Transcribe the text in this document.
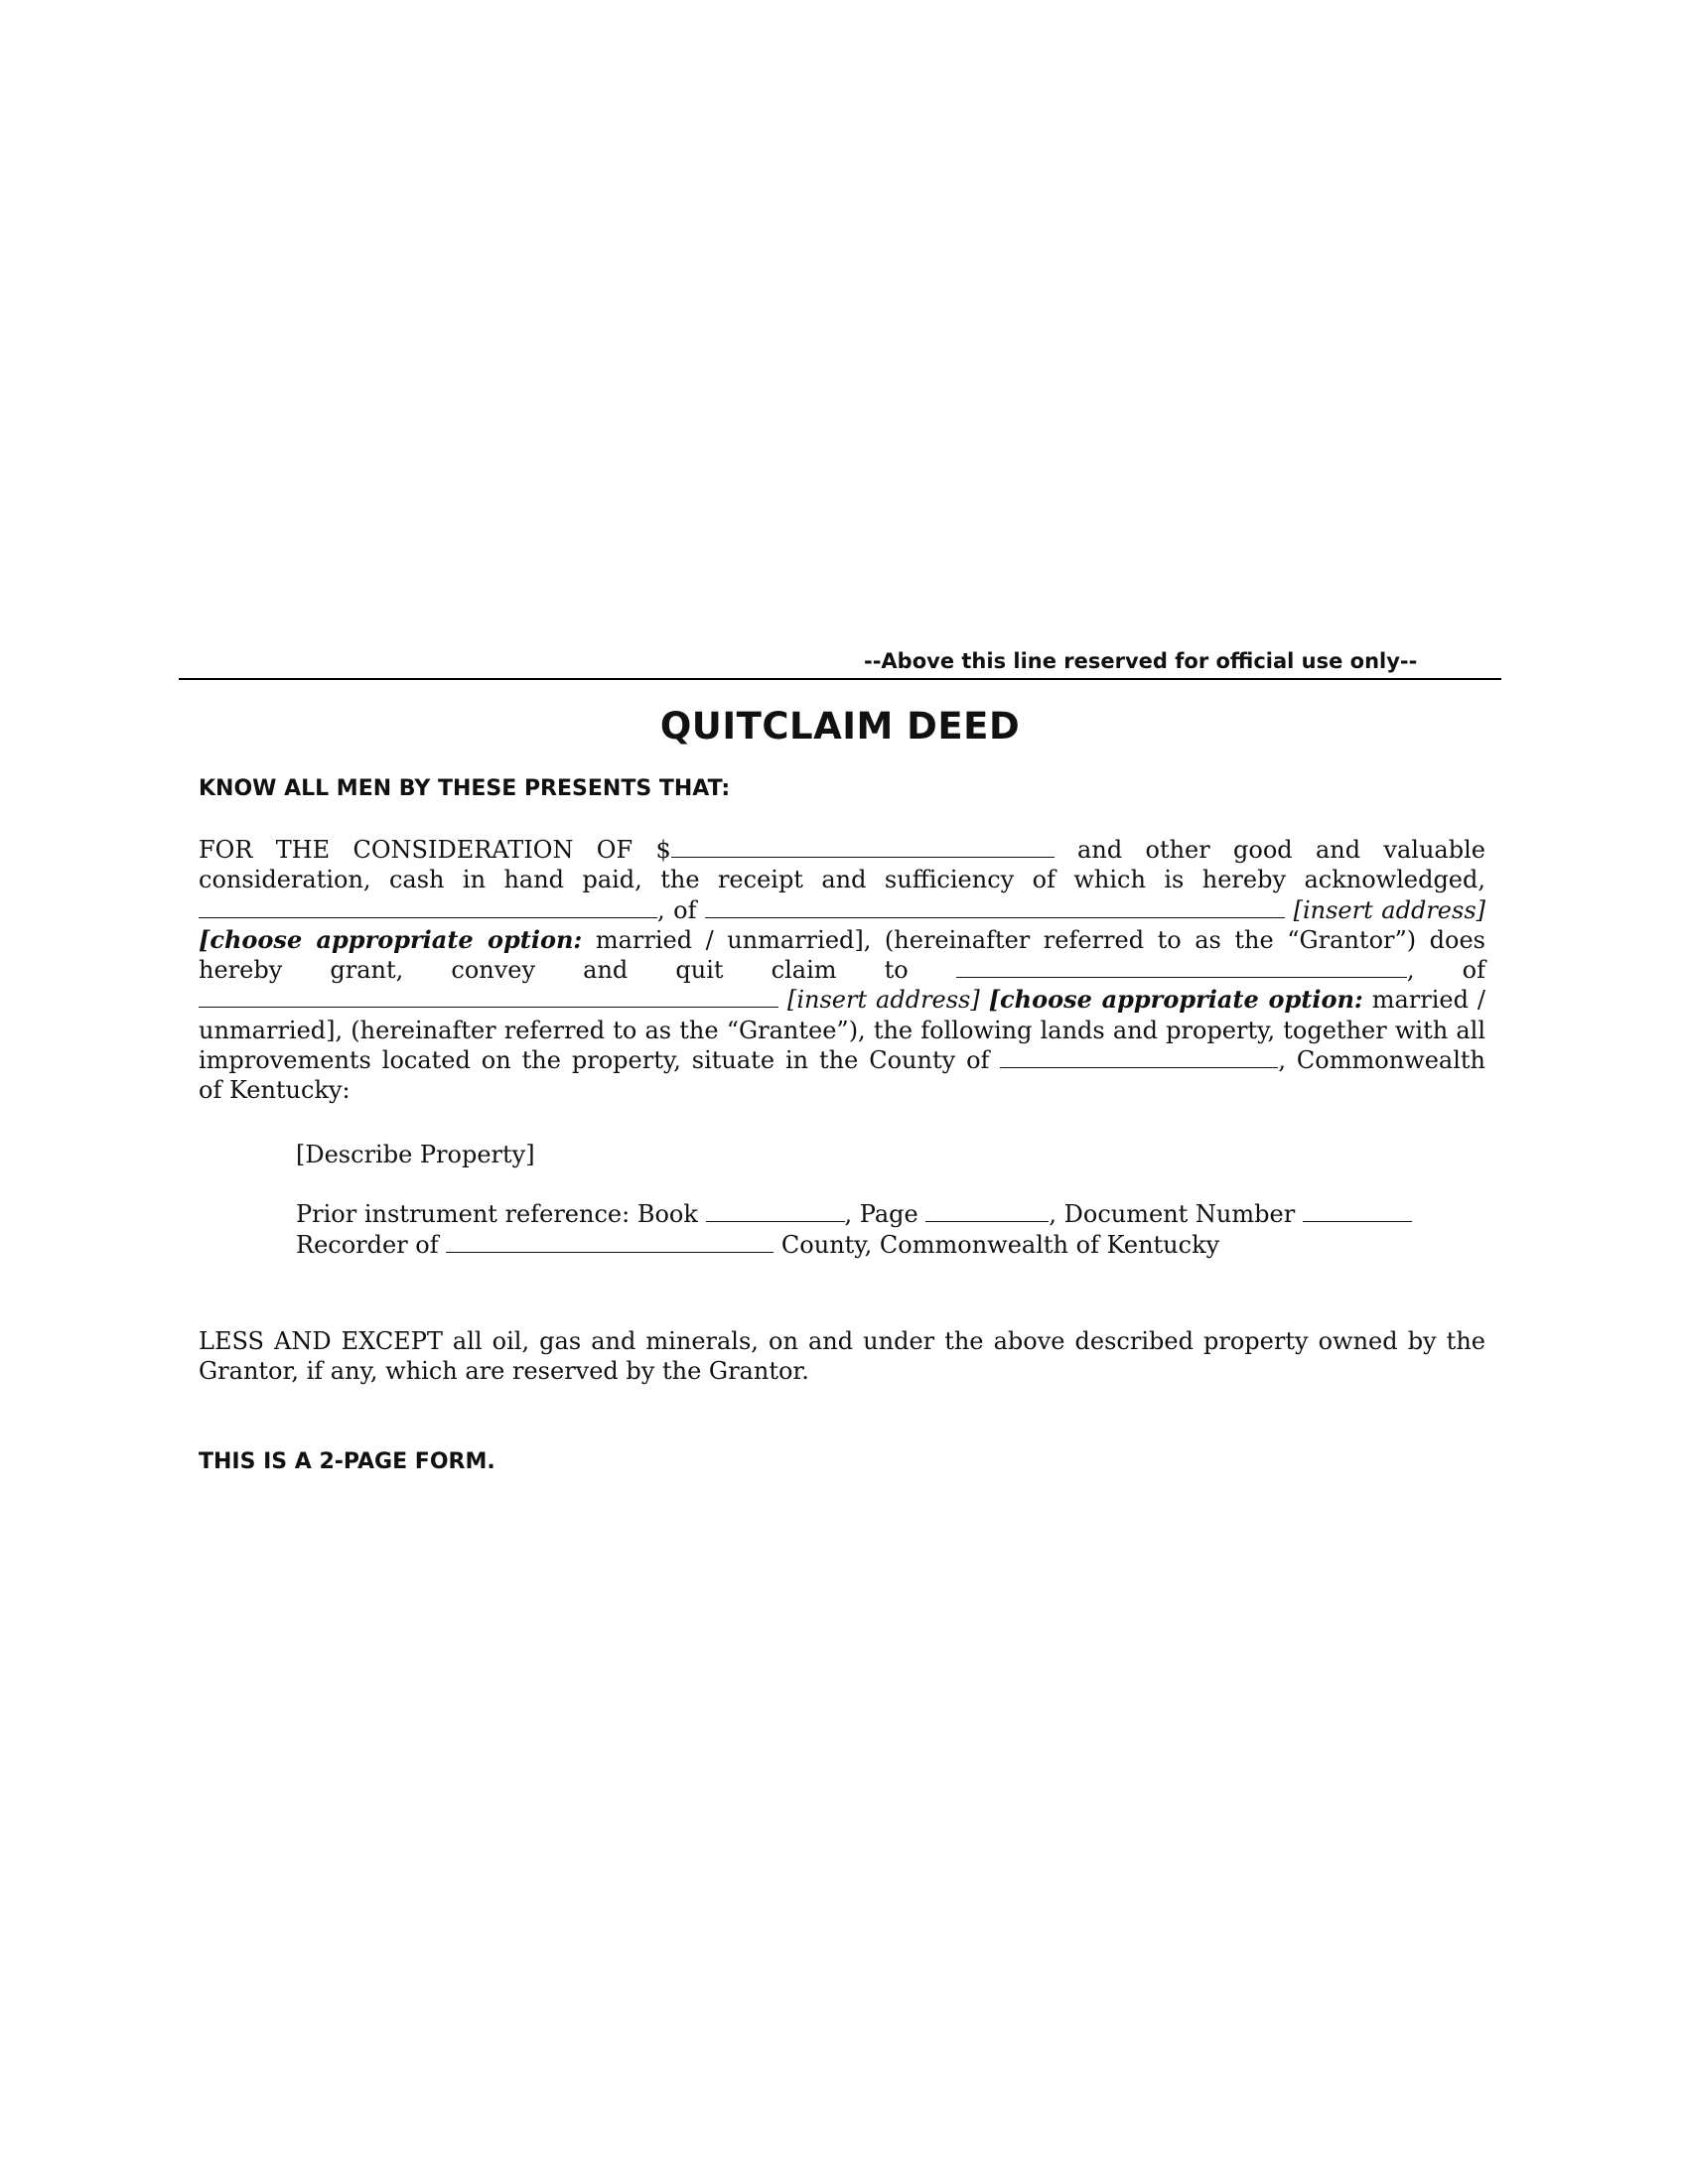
--Above this line reserved for official use only--
QUITCLAIM DEED
KNOW ALL MEN BY THESE PRESENTS THAT:
FOR THE CONSIDERATION OF $	and other good and valuable
consideration, cash in hand paid, the receipt and sufficiency of which is hereby acknowledged,
, of	[insert address]
[choose appropriate option: married / unmarried], (hereinafter referred to as the “Grantor”) does
hereby grant, convey and quit claim to	, of
[insert address] [choose appropriate option: married /
unmarried], (hereinafter referred to as the “Grantee”), the following lands and property, together with all
improvements located on the property, situate in the County of	, Commonwealth
of Kentucky:
[Describe Property]
Prior instrument reference: Book	, Page	, Document Number
Recorder of	County, Commonwealth of Kentucky
LESS AND EXCEPT all oil, gas and minerals, on and under the above described property owned by the
Grantor, if any, which are reserved by the Grantor.
THIS IS A 2-PAGE FORM.
